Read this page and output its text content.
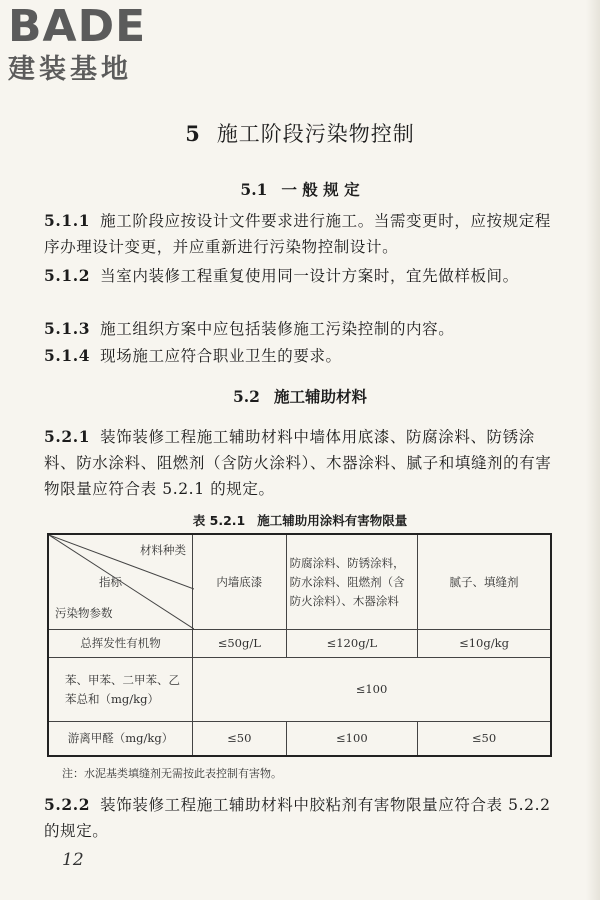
BADE
建装基地
5 施工阶段污染物控制
5.1 一 般 规 定
5.1.1 施工阶段应按设计文件要求进行施工。当需变更时，应按规定程序办理设计变更，并应重新进行污染物控制设计。
5.1.2 当室内装修工程重复使用同一设计方案时，宜先做样板间。
5.1.3 施工组织方案中应包括装修施工污染控制的内容。
5.1.4 现场施工应符合职业卫生的要求。
5.2 施工辅助材料
5.2.1 装饰装修工程施工辅助材料中墙体用底漆、防腐涂料、防锈涂料、防水涂料、阻燃剂（含防火涂料）、木器涂料、腻子和填缝剂的有害物限量应符合表 5.2.1 的规定。
表 5.2.1 施工辅助用涂料有害物限量
材料种类
指标
污染物参数	内墙底漆	防腐涂料、防锈涂料，防水涂料、阻燃剂（含防火涂料）、木器涂料	腻子、填缝剂
总挥发性有机物	≤50g/L	≤120g/L	≤10g/kg
苯、甲苯、二甲苯、乙苯总和（mg/kg）	≤100		
游离甲醛（mg/kg）	≤50	≤100	≤50
注：水泥基类填缝剂无需按此表控制有害物。
5.2.2 装饰装修工程施工辅助材料中胶粘剂有害物限量应符合表 5.2.2 的规定。
12
